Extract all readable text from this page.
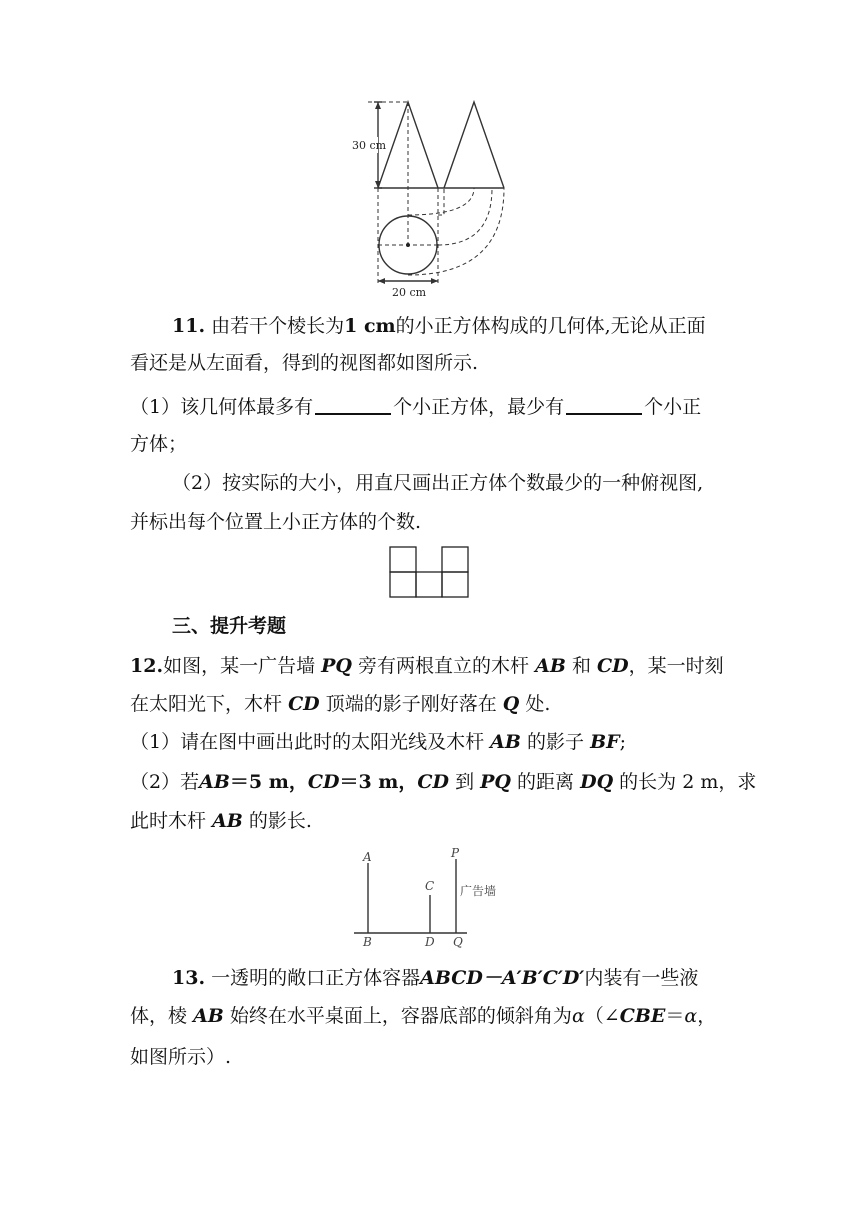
30 cm
20 cm
11. 由若干个棱长为1 cm的小正方体构成的几何体,无论从正面
看还是从左面看，得到的视图都如图所示.
（1）该几何体最多有	个小正方体，最少有	个小正
方体；
（2）按实际的大小，用直尺画出正方体个数最少的一种俯视图,
并标出每个位置上小正方体的个数.
三、提升考题
12.如图，某一广告墙 PQ 旁有两根直立的木杆 AB 和 CD，某一时刻
在太阳光下，木杆 CD 顶端的影子刚好落在 Q 处.
（1）请在图中画出此时的太阳光线及木杆 AB 的影子 BF;
（2）若AB＝5 m，CD＝3 m，CD 到 PQ 的距离 DQ 的长为 2 m，求
此时木杆 AB 的影长.
A
B
C
D
P
Q
广告墙
13. 一透明的敞口正方体容器ABCD－A′B′C′D′内装有一些液
体，棱 AB 始终在水平桌面上，容器底部的倾斜角为α（∠CBE＝α，
如图所示）.
